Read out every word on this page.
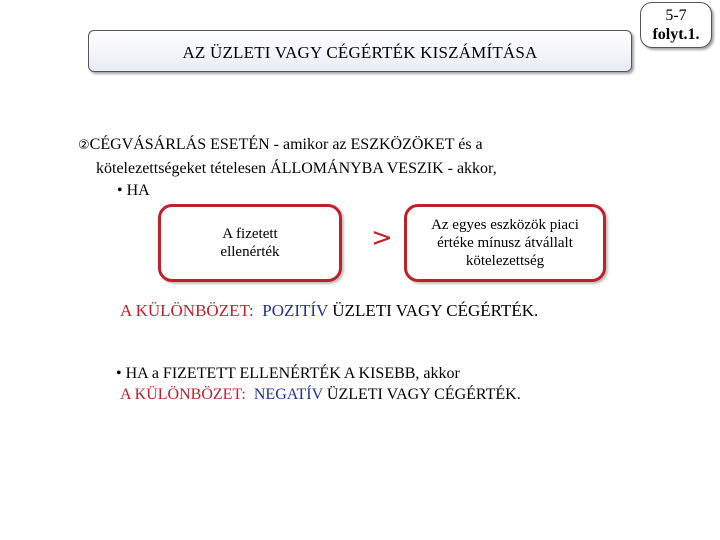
AZ ÜZLETI VAGY CÉGÉRTÉK KISZÁMÍTÁSA
5-7
folyt.1.
②CÉGVÁSÁRLÁS ESETÉN - amikor az ESZKÖZÖKET és a
kötelezettségeket tételesen ÁLLOMÁNYBA VESZIK - akkor,
• HA
A fizetett ellenérték	>	Az egyes eszközök piaci értéke mínusz átvállalt kötelezettség
A KÜLÖNBÖZET: POZITÍV ÜZLETI VAGY CÉGÉRTÉK.
• HA a FIZETETT ELLENÉRTÉK A KISEBB, akkor
A KÜLÖNBÖZET: NEGATÍV ÜZLETI VAGY CÉGÉRTÉK.
